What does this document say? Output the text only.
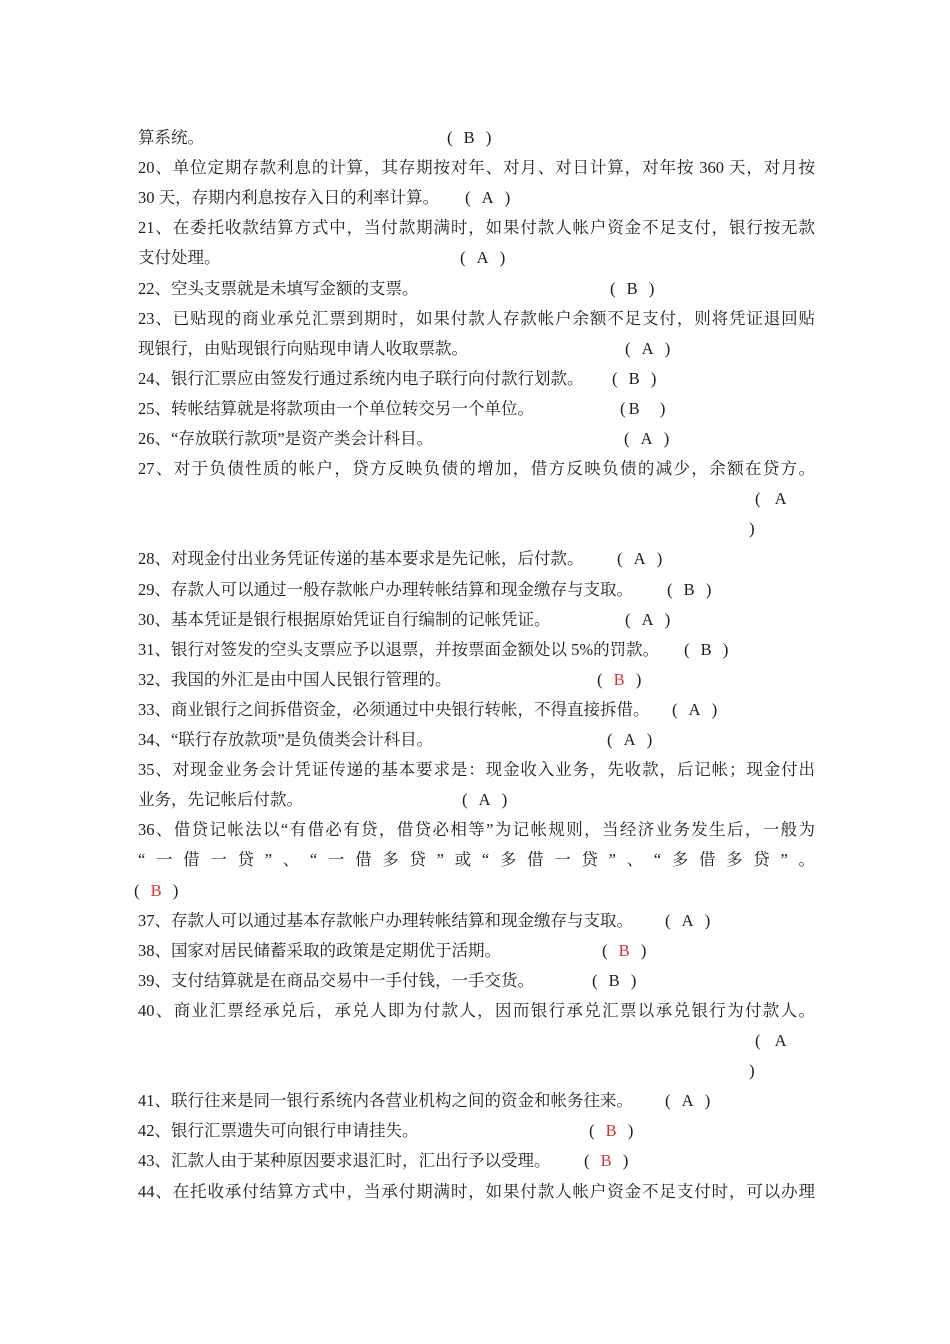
算系统。	( B )
20、单位定期存款利息的计算，其存期按对年、对月、对日计算，对年按 360 天，对月按
30 天，存期内利息按存入日的利率计算。 ( A )
21、在委托收款结算方式中，当付款期满时，如果付款人帐户资金不足支付，银行按无款
支付处理。	( A )
22、空头支票就是未填写金额的支票。	( B )
23、已贴现的商业承兑汇票到期时，如果付款人存款帐户余额不足支付，则将凭证退回贴
现银行，由贴现银行向贴现申请人收取票款。	( A )
24、银行汇票应由签发行通过系统内电子联行向付款行划款。 ( B )
25、转帐结算就是将款项由一个单位转交另一个单位。	( B )
26、“存放联行款项”是资产类会计科目。	( A )
27、对于负债性质的帐户，贷方反映负债的增加，借方反映负债的减少，余额在贷方。
( A
)
28、对现金付出业务凭证传递的基本要求是先记帐，后付款。 ( A )
29、存款人可以通过一般存款帐户办理转帐结算和现金缴存与支取。 ( B )
30、基本凭证是银行根据原始凭证自行编制的记帐凭证。	( A )
31、银行对签发的空头支票应予以退票，并按票面金额处以 5%的罚款。 ( B )
32、我国的外汇是由中国人民银行管理的。	( B )
33、商业银行之间拆借资金，必须通过中央银行转帐，不得直接拆借。 ( A )
34、“联行存放款项”是负债类会计科目。	( A )
35、对现金业务会计凭证传递的基本要求是：现金收入业务，先收款，后记帐；现金付出
业务，先记帐后付款。	( A )
36、借贷记帐法以“有借必有贷，借贷必相等”为记帐规则，当经济业务发生后，一般为
“一借一贷”、“一借多贷”或“多借一贷”、“多借多贷”。
( B )
37、存款人可以通过基本存款帐户办理转帐结算和现金缴存与支取。 ( A )
38、国家对居民储蓄采取的政策是定期优于活期。	( B )
39、支付结算就是在商品交易中一手付钱，一手交货。	( B )
40、商业汇票经承兑后，承兑人即为付款人，因而银行承兑汇票以承兑银行为付款人。
( A
)
41、联行往来是同一银行系统内各营业机构之间的资金和帐务往来。 ( A )
42、银行汇票遗失可向银行申请挂失。	( B )
43、汇款人由于某种原因要求退汇时，汇出行予以受理。 ( B )
44、在托收承付结算方式中，当承付期满时，如果付款人帐户资金不足支付时，可以办理
